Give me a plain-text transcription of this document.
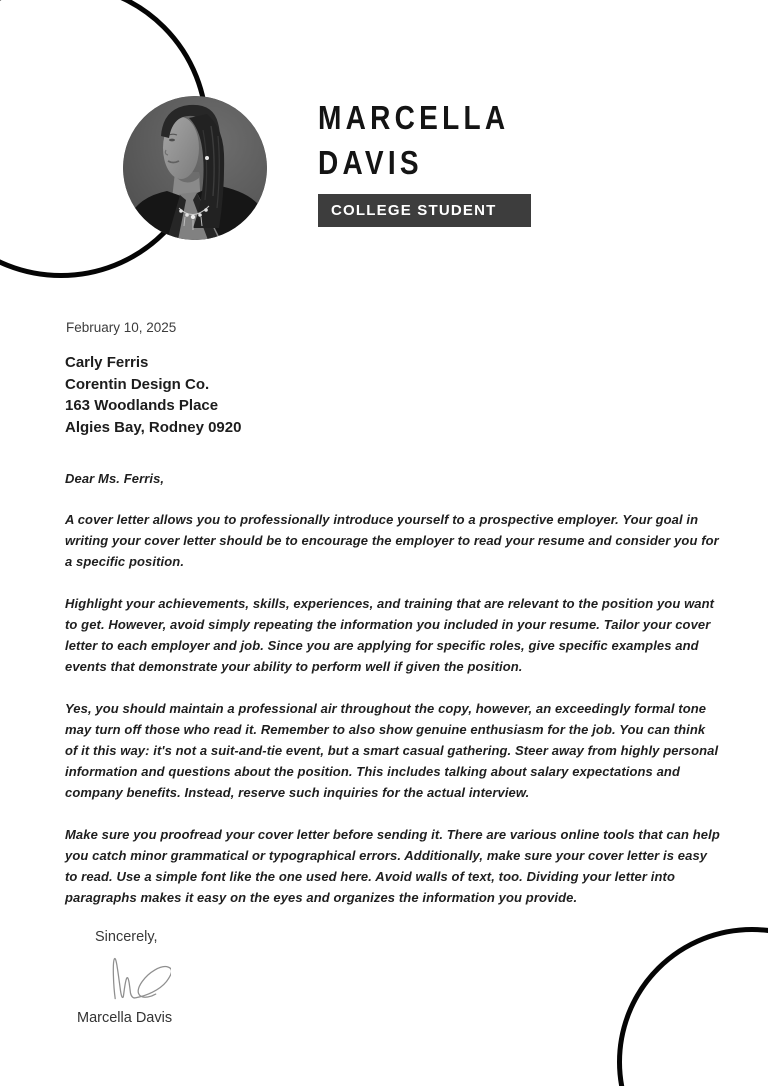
MARCELLA
DAVIS
COLLEGE STUDENT
February 10, 2025
Carly Ferris
Corentin Design Co.
163 Woodlands Place
Algies Bay, Rodney 0920

Dear Ms. Ferris,

A cover letter allows you to professionally introduce yourself to a prospective employer. Your goal in writing your cover letter should be to encourage the employer to read your resume and consider you for a specific position.

Highlight your achievements, skills, experiences, and training that are relevant to the position you want to get. However, avoid simply repeating the information you included in your resume. Tailor your cover letter to each employer and job. Since you are applying for specific roles, give specific examples and events that demonstrate your ability to perform well if given the position.

Yes, you should maintain a professional air throughout the copy, however, an exceedingly formal tone may turn off those who read it. Remember to also show genuine enthusiasm for the job. You can think of it this way: it's not a suit-and-tie event, but a smart casual gathering. Steer away from highly personal information and questions about the position. This includes talking about salary expectations and company benefits. Instead, reserve such inquiries for the actual interview.

Make sure you proofread your cover letter before sending it. There are various online tools that can help you catch minor grammatical or typographical errors. Additionally, make sure your cover letter is easy to read. Use a simple font like the one used here. Avoid walls of text, too. Dividing your letter into paragraphs makes it easy on the eyes and organizes the information you provide.

Sincerely,
Marcella Davis
